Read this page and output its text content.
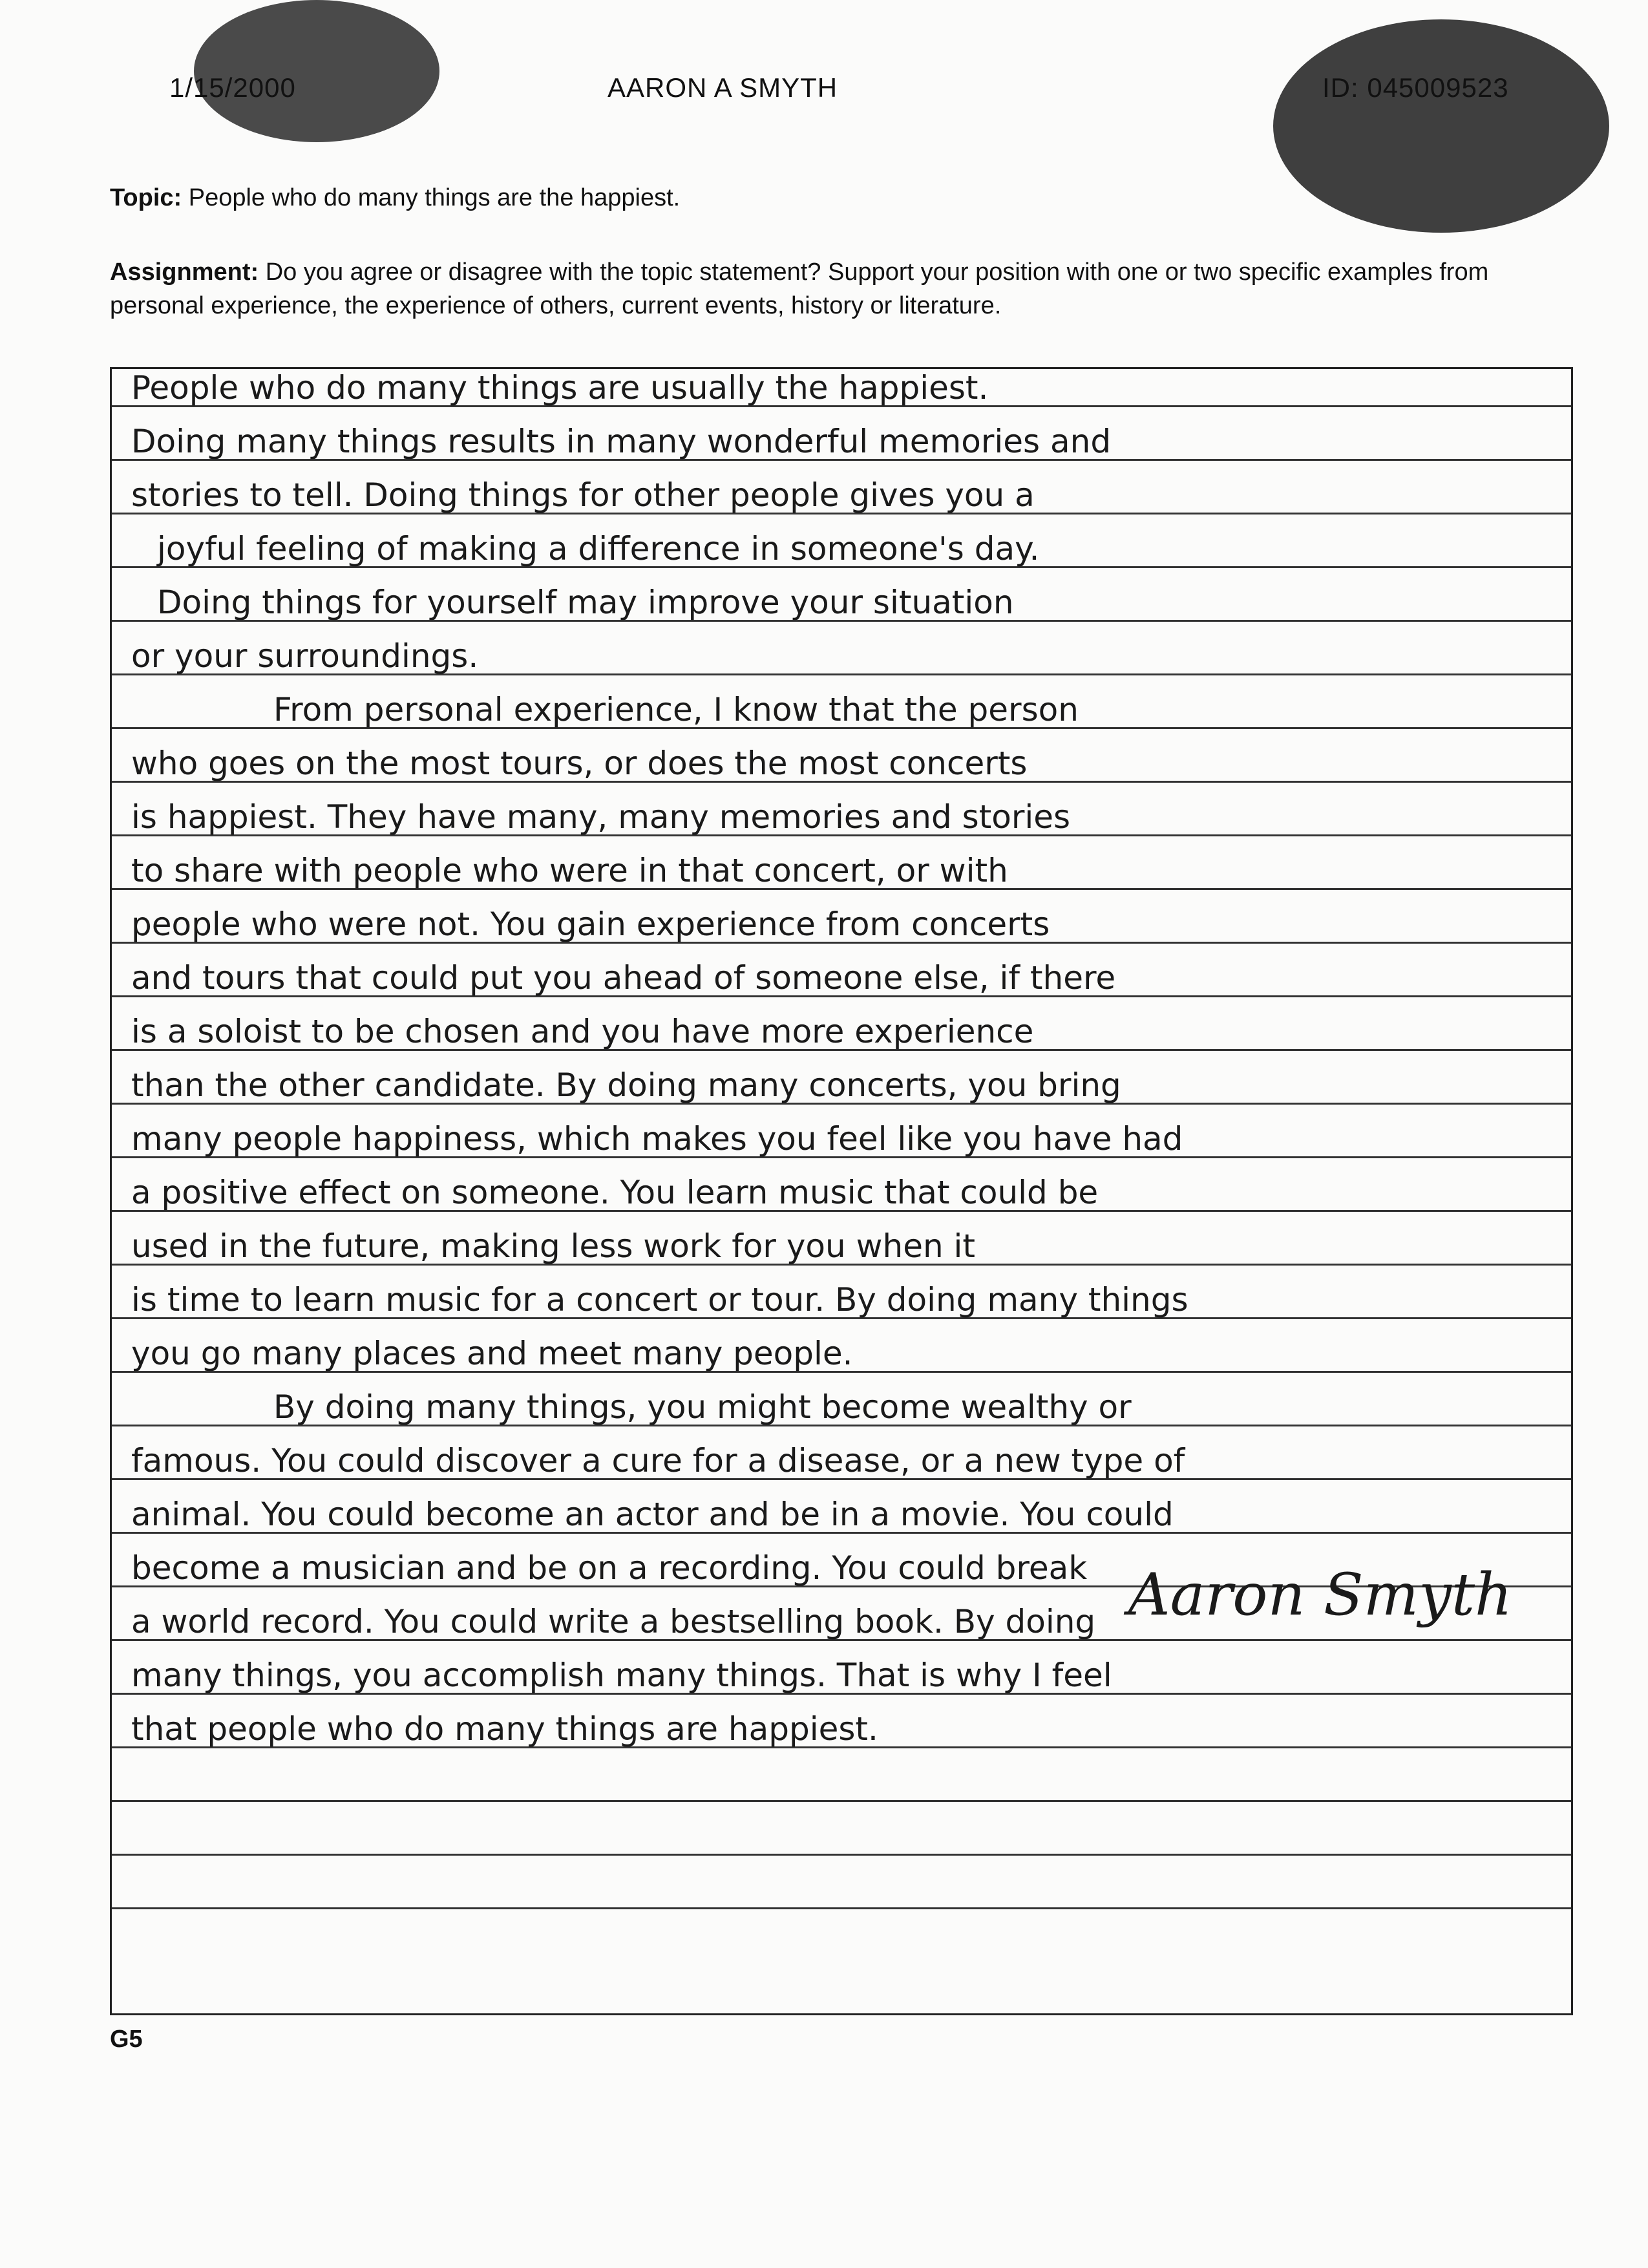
1/15/2000	AARON A SMYTH	ID: 045009523
Topic: People who do many things are the happiest.
Assignment: Do you agree or disagree with the topic statement? Support your position with one or two specific examples from personal experience, the experience of others, current events, history or literature.
People who do many things are usually the happiest.
Doing many things results in many wonderful memories and
stories to tell. Doing things for other people gives you a
joyful feeling of making a difference in someone's day.
Doing things for yourself may improve your situation
or your surroundings.
From personal experience, I know that the person
who goes on the most tours, or does the most concerts
is happiest. They have many, many memories and stories
to share with people who were in that concert, or with
people who were not. You gain experience from concerts
and tours that could put you ahead of someone else, if there
is a soloist to be chosen and you have more experience
than the other candidate. By doing many concerts, you bring
many people happiness, which makes you feel like you have had
a positive effect on someone. You learn music that could be
used in the future, making less work for you when it
is time to learn music for a concert or tour. By doing many things
you go many places and meet many people.
By doing many things, you might become wealthy or
famous. You could discover a cure for a disease, or a new type of
animal. You could become an actor and be in a movie. You could
become a musician and be on a recording. You could break
a world record. You could write a bestselling book. By doing
many things, you accomplish many things. That is why I feel
that people who do many things are happiest.
Aaron Smyth
G5
